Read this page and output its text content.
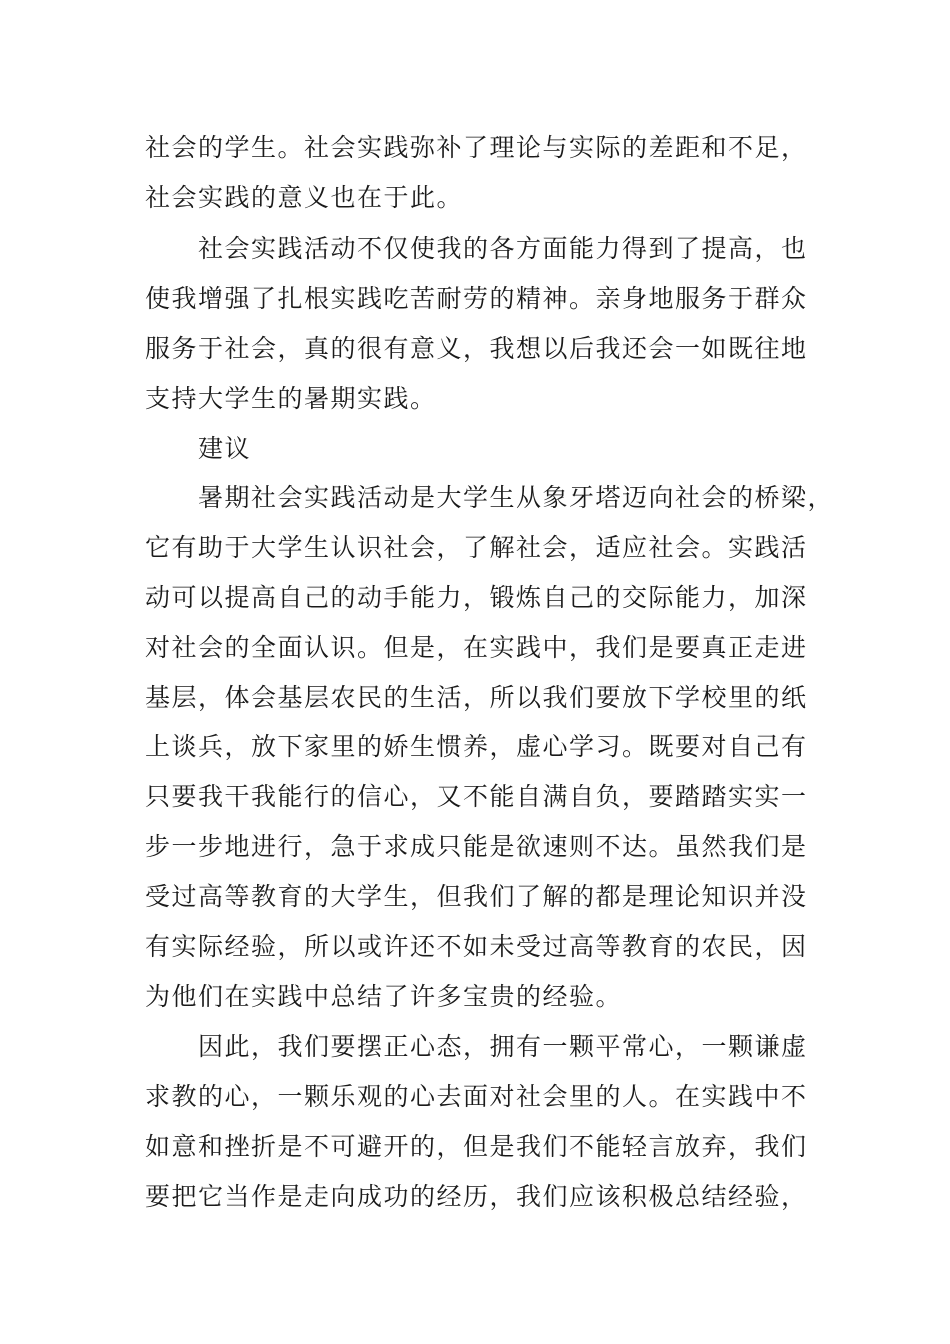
社会的学生。社会实践弥补了理论与实际的差距和不足，

社会实践的意义也在于此。

社会实践活动不仅使我的各方面能力得到了提高，也

使我增强了扎根实践吃苦耐劳的精神。亲身地服务于群众

服务于社会，真的很有意义，我想以后我还会一如既往地

支持大学生的暑期实践。

建议

暑期社会实践活动是大学生从象牙塔迈向社会的桥梁，

它有助于大学生认识社会，了解社会，适应社会。实践活

动可以提高自己的动手能力，锻炼自己的交际能力，加深

对社会的全面认识。但是，在实践中，我们是要真正走进

基层，体会基层农民的生活，所以我们要放下学校里的纸

上谈兵，放下家里的娇生惯养，虚心学习。既要对自己有

只要我干我能行的信心，又不能自满自负，要踏踏实实一

步一步地进行，急于求成只能是欲速则不达。虽然我们是

受过高等教育的大学生，但我们了解的都是理论知识并没

有实际经验，所以或许还不如未受过高等教育的农民，因

为他们在实践中总结了许多宝贵的经验。

因此，我们要摆正心态，拥有一颗平常心，一颗谦虚

求教的心，一颗乐观的心去面对社会里的人。在实践中不

如意和挫折是不可避开的，但是我们不能轻言放弃，我们

要把它当作是走向成功的经历，我们应该积极总结经验，
